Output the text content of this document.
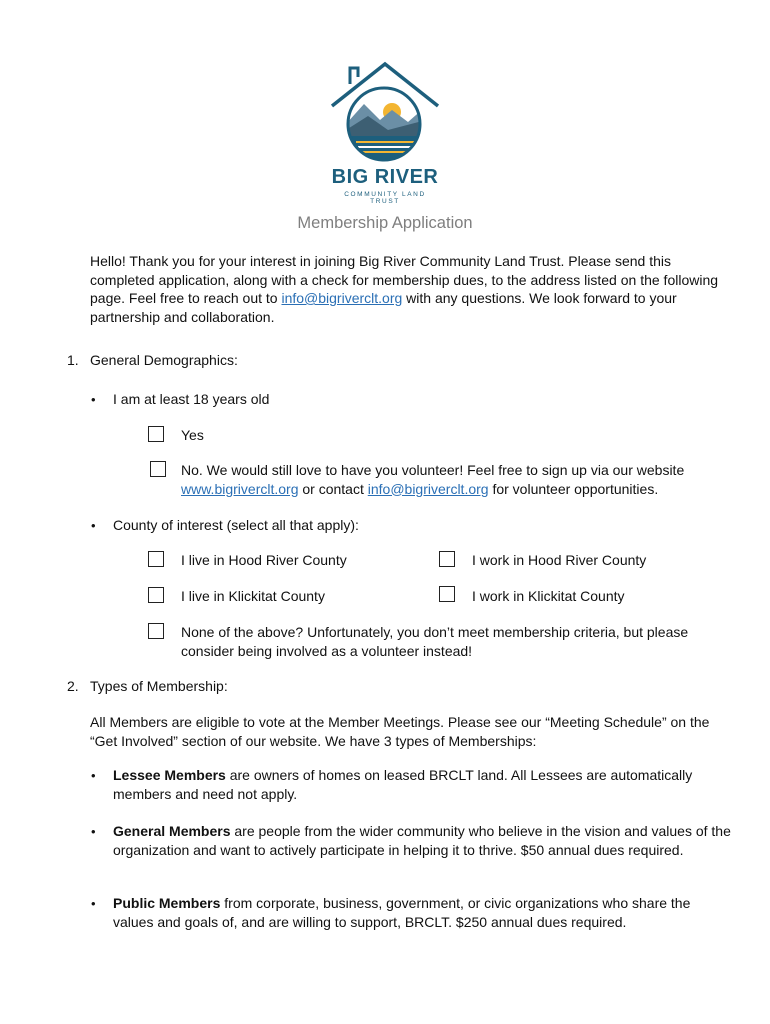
BIG RIVER
COMMUNITY LAND TRUST
Membership Application

Hello! Thank you for your interest in joining Big River Community Land Trust. Please send this completed application, along with a check for membership dues, to the address listed on the following page. Feel free to reach out to info@bigriverclt.org with any questions. We look forward to your partnership and collaboration.

1. General Demographics:
• I am at least 18 years old
Yes

No. We would still love to have you volunteer! Feel free to sign up via our website www.bigriverclt.org or contact info@bigriverclt.org for volunteer opportunities.

• County of interest (select all that apply):
I live in Hood River County	I work in Hood River County
I live in Klickitat County	I work in Klickitat County

None of the above? Unfortunately, you don’t meet membership criteria, but please consider being involved as a volunteer instead!

2. Types of Membership:

All Members are eligible to vote at the Member Meetings. Please see our “Meeting Schedule” on the “Get Involved” section of our website. We have 3 types of Memberships:

• Lessee Members are owners of homes on leased BRCLT land. All Lessees are automatically members and need not apply.

• General Members are people from the wider community who believe in the vision and values of the organization and want to actively participate in helping it to thrive. $50 annual dues required.

• Public Members from corporate, business, government, or civic organizations who share the values and goals of, and are willing to support, BRCLT. $250 annual dues required.
